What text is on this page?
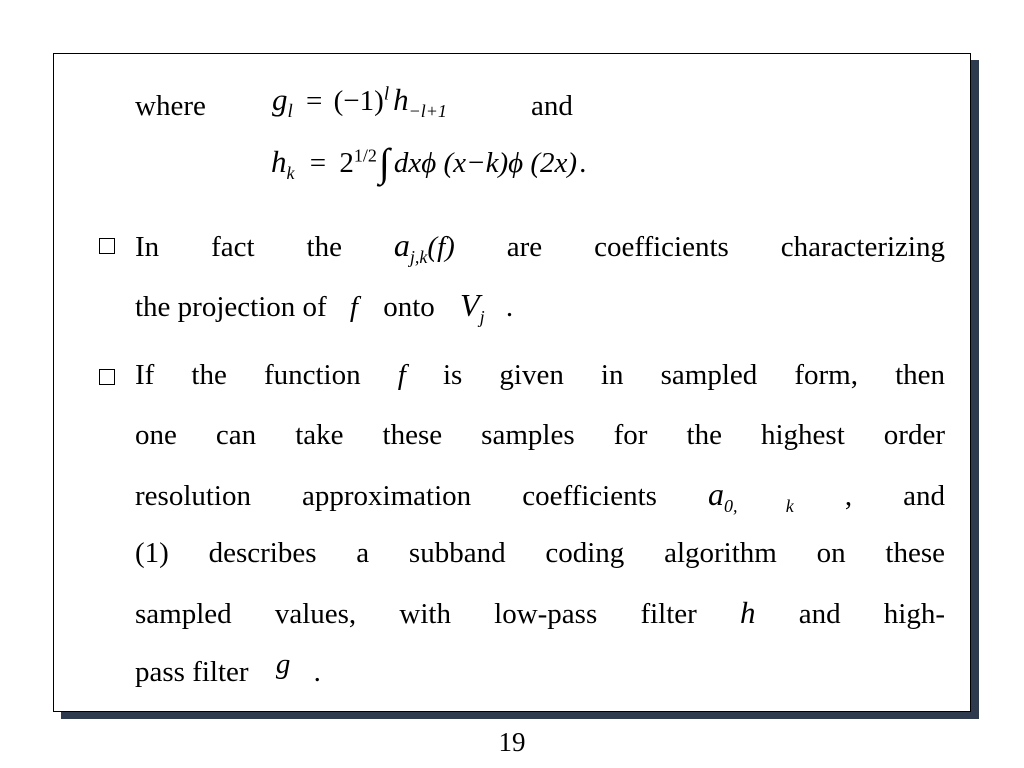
where $g_l = (-1)^l$ $h_{-l+1}$	and
$h_k = 2^{1/2}\int$ dxϕ (x−k)ϕ (2x).
In fact the $a_{j,k}(f)$ are coefficients characterizing
the projection of f onto $V_j$ .
If the function f is given in sampled form, then
one can take these samples for the highest order
resolution approximation coefficients $a_{0, k}$ , and
(1) describes a subband coding algorithm on these
sampled values, with low-pass filter h and high-
pass filter g .
19
